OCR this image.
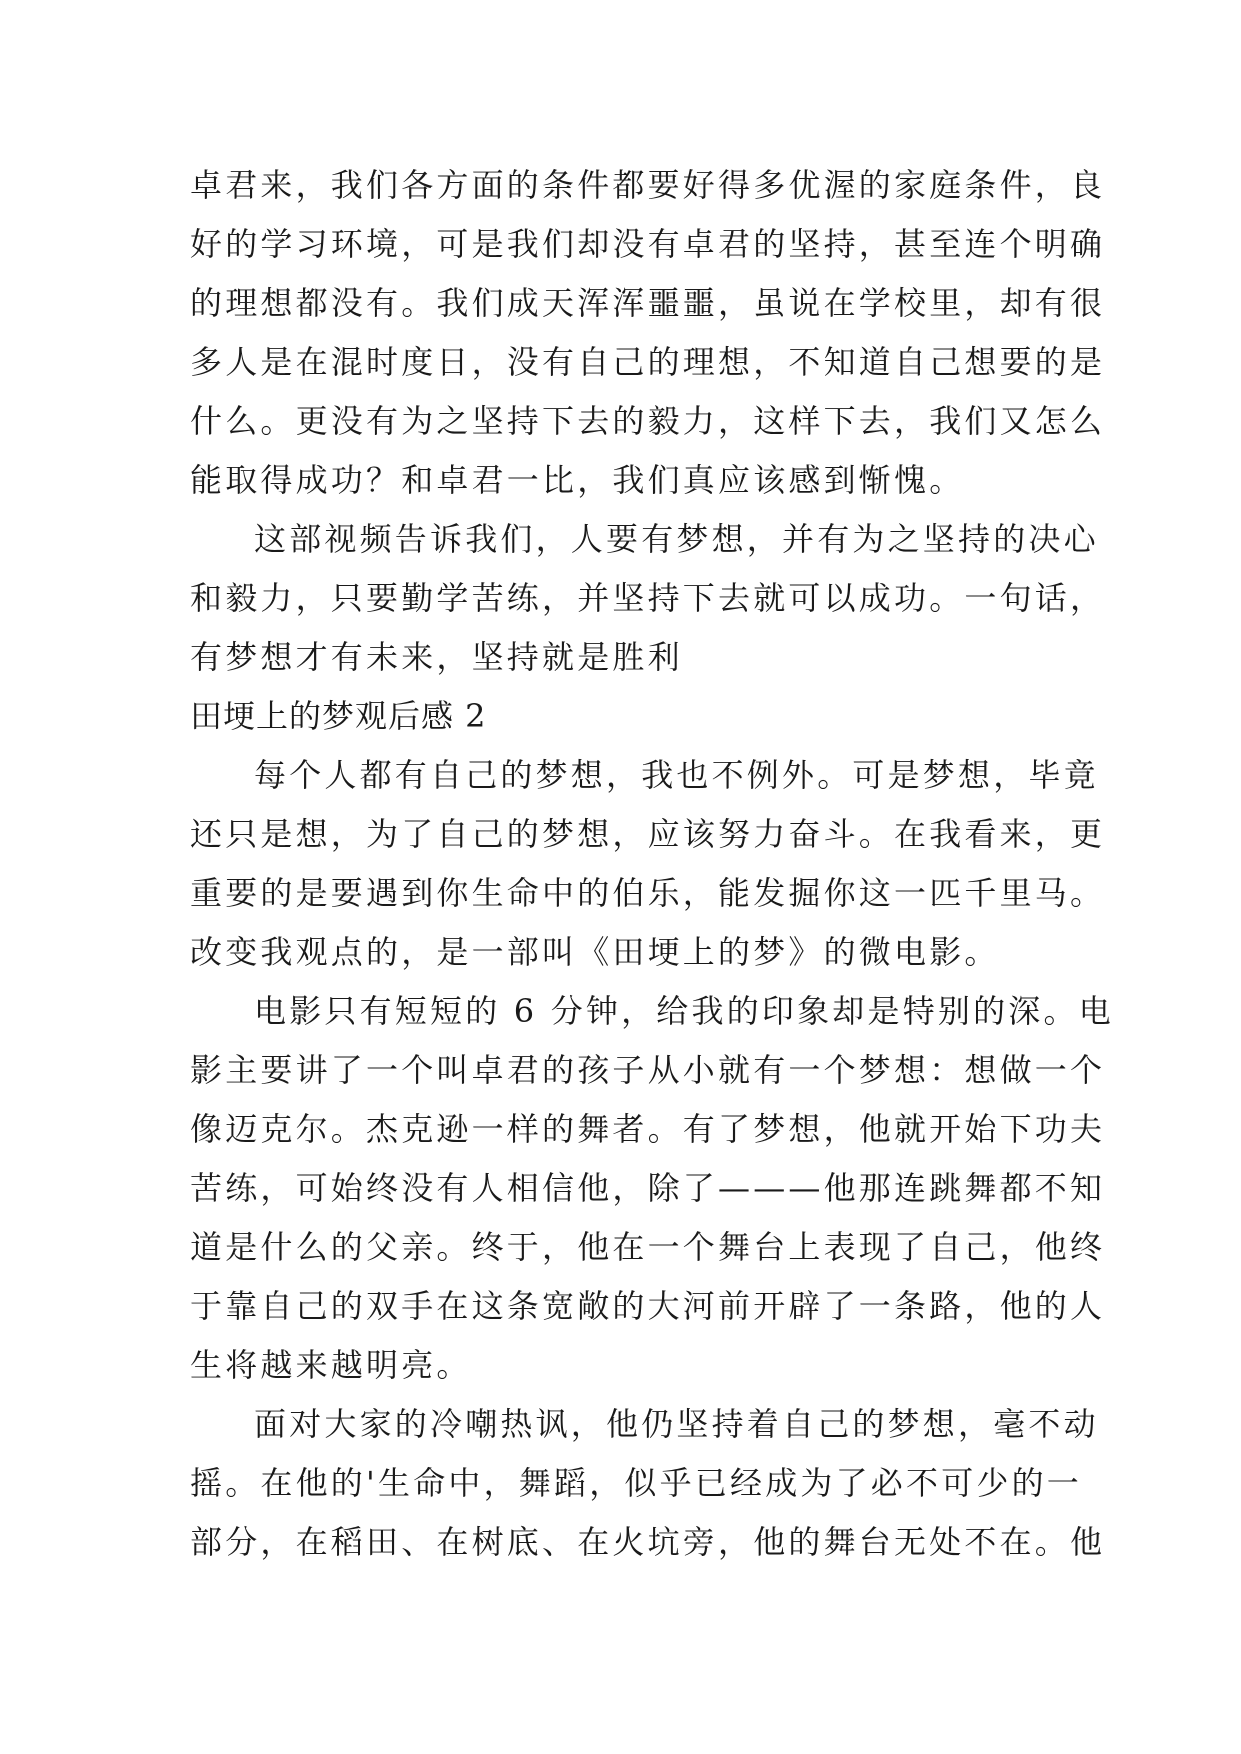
卓君来，我们各方面的条件都要好得多优渥的家庭条件，良
好的学习环境，可是我们却没有卓君的坚持，甚至连个明确
的理想都没有。我们成天浑浑噩噩，虽说在学校里，却有很
多人是在混时度日，没有自己的理想，不知道自己想要的是
什么。更没有为之坚持下去的毅力，这样下去，我们又怎么
能取得成功？和卓君一比，我们真应该感到惭愧。
这部视频告诉我们，人要有梦想，并有为之坚持的决心
和毅力，只要勤学苦练，并坚持下去就可以成功。一句话，
有梦想才有未来，坚持就是胜利
田埂上的梦观后感 2
每个人都有自己的梦想，我也不例外。可是梦想，毕竟
还只是想，为了自己的梦想，应该努力奋斗。在我看来，更
重要的是要遇到你生命中的伯乐，能发掘你这一匹千里马。
改变我观点的，是一部叫《田埂上的梦》的微电影。
电影只有短短的 6 分钟，给我的印象却是特别的深。电
影主要讲了一个叫卓君的孩子从小就有一个梦想：想做一个
像迈克尔。杰克逊一样的舞者。有了梦想，他就开始下功夫
苦练，可始终没有人相信他，除了———他那连跳舞都不知
道是什么的父亲。终于，他在一个舞台上表现了自己，他终
于靠自己的双手在这条宽敞的大河前开辟了一条路，他的人
生将越来越明亮。
面对大家的冷嘲热讽，他仍坚持着自己的梦想，毫不动
摇。在他的'生命中，舞蹈，似乎已经成为了必不可少的一
部分，在稻田、在树底、在火坑旁，他的舞台无处不在。他
